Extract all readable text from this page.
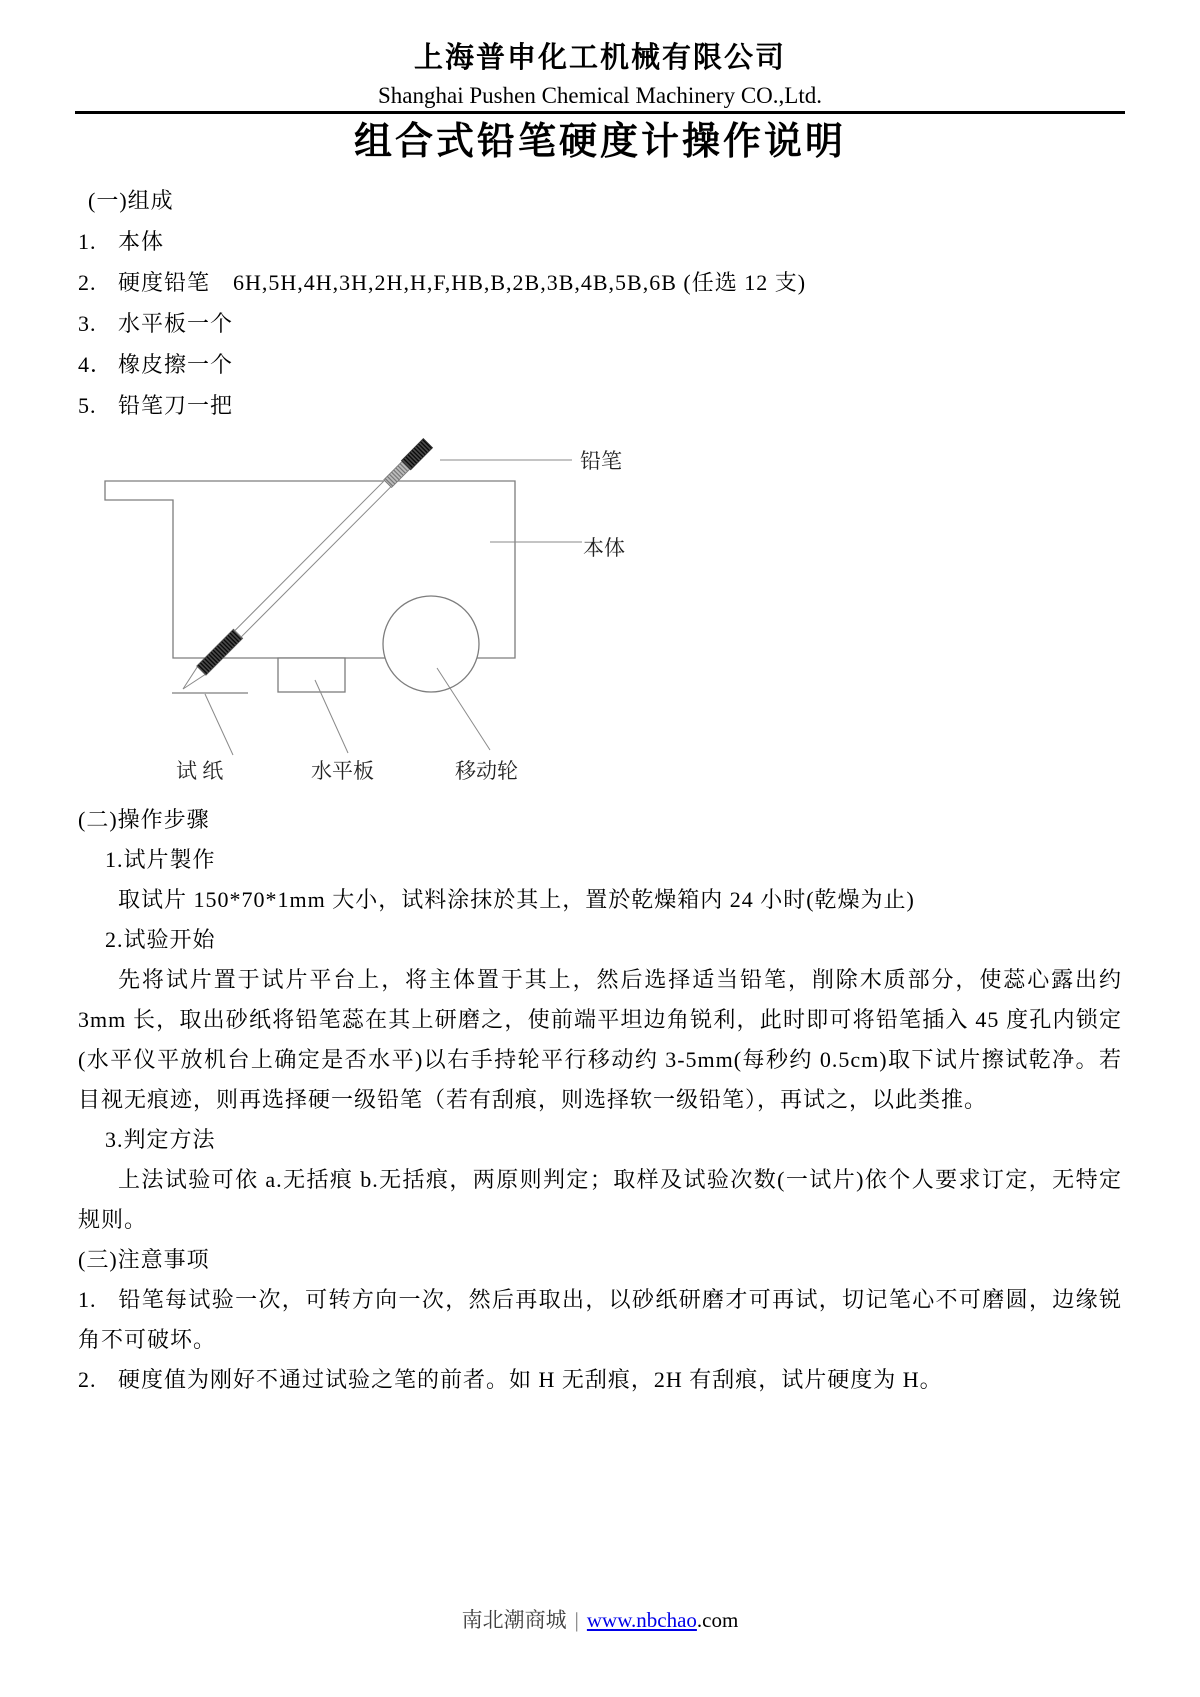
上海普申化工机械有限公司
Shanghai Pushen Chemical Machinery CO.,Ltd.
组合式铅笔硬度计操作说明
(一)组成
1. 本体
2. 硬度铅笔　6H,5H,4H,3H,2H,H,F,HB,B,2B,3B,4B,5B,6B (任选 12 支)
3. 水平板一个
4． 橡皮擦一个
5. 铅笔刀一把
铅笔
本体
试 纸	水平板	移动轮

(二)操作步骤

1.试片製作

取试片 150*70*1mm 大小，试料涂抹於其上，置於乾燥箱内 24 小时(乾燥为止)

2.试验开始

先将试片置于试片平台上，将主体置于其上，然后选择适当铅笔，削除木质部分，使蕊心露出约 3mm 长，取出砂纸将铅笔蕊在其上研磨之，使前端平坦边角锐利，此时即可将铅笔插入 45 度孔内锁定(水平仪平放机台上确定是否水平)以右手持轮平行移动约 3-5mm(每秒约 0.5cm)取下试片擦试乾净。若目视无痕迹，则再选择硬一级铅笔（若有刮痕，则选择软一级铅笔），再试之，以此类推。

3.判定方法

上法试验可依 a.无括痕 b.无括痕，两原则判定；取样及试验次数(一试片)依个人要求订定，无特定规则。

(三)注意事项

1. 铅笔每试验一次，可转方向一次，然后再取出，以砂纸研磨才可再试，切记笔心不可磨圆，边缘锐角不可破坏。

2. 硬度值为刚好不通过试验之笔的前者。如 H 无刮痕，2H 有刮痕，试片硬度为 H。

南北潮商城 | www.nbchao.com
